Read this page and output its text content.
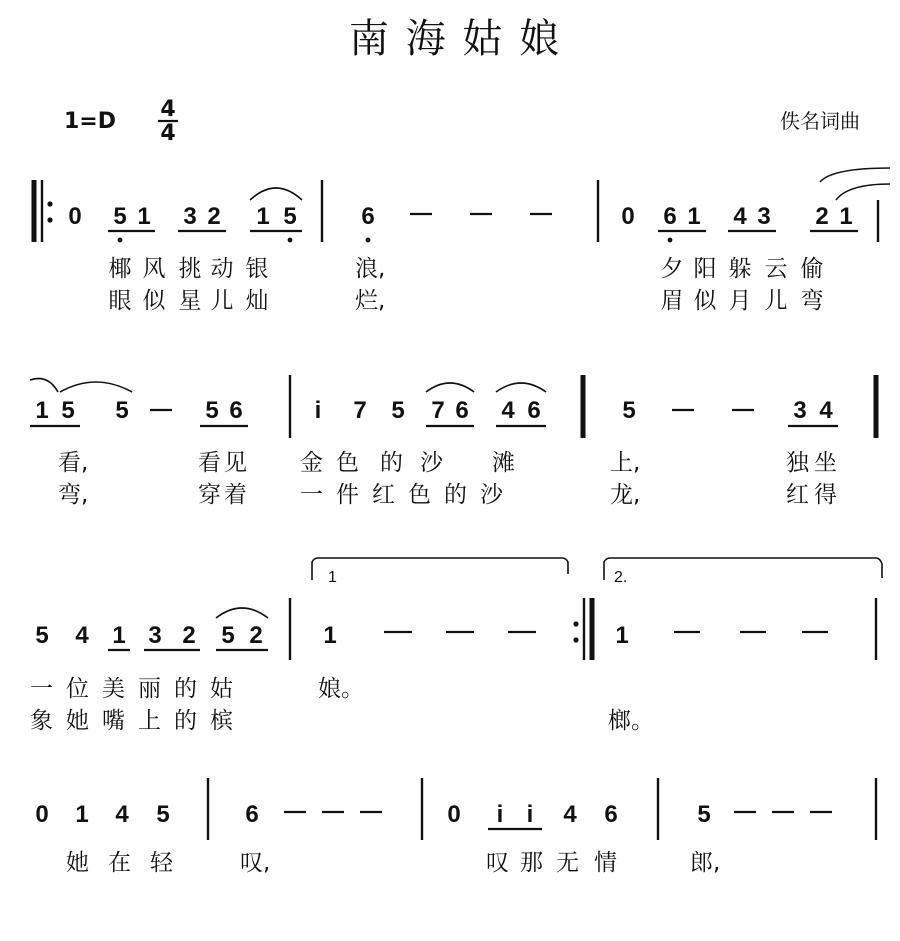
南 海 姑 娘
1=D 4
4	佚名词曲
0 5 1 3 2 1 5	6	0 6 1 4 3 2 1
椰 风 挑 动 银	浪,	夕 阳 躲 云 偷
眼 似 星 儿 灿	烂,	眉 似 月 儿 弯
1 5 5	5 6	i 7 5 7 6 4 6	5	3 4
看,	看 见 金 色 的 沙 滩	上,	独 坐
弯,	穿 着 一 件 红 色 的 沙	龙,	红 得
1	2.
5 4 1 3 2 5 2	1	1
一 位 美 丽 的 姑	娘。
象 她 嘴 上 的 槟	榔。
0 1 4 5	6	0 i i 4 6	5
她 在 轻	叹,	叹 那 无 情	郎,
